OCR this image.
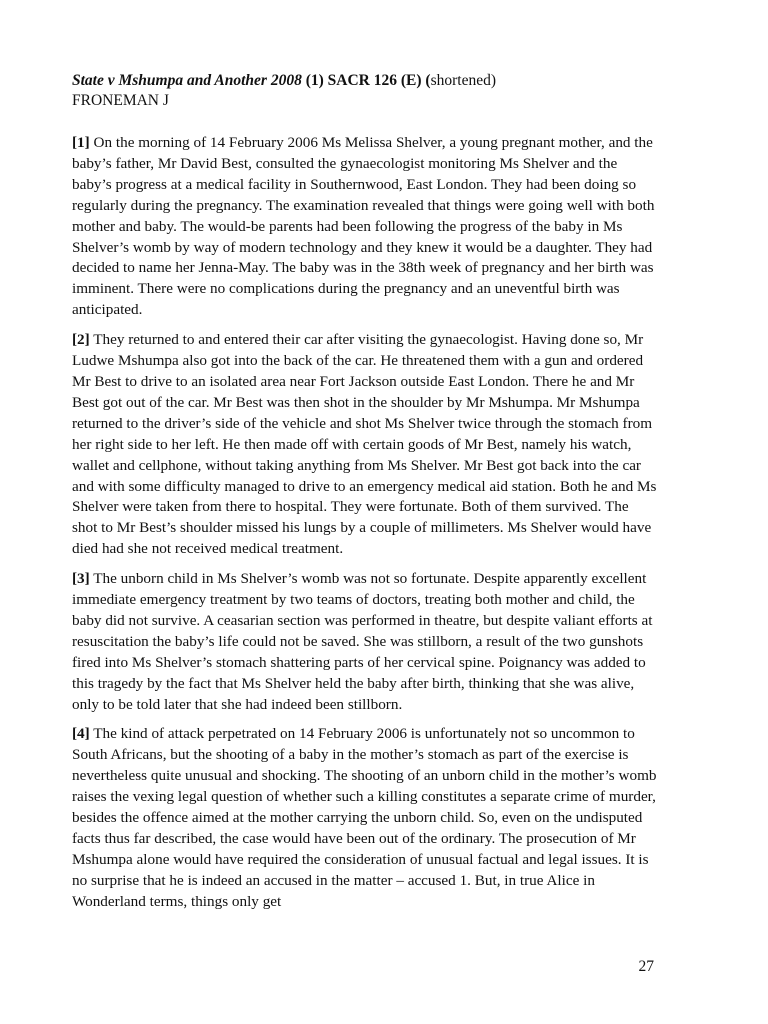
State v Mshumpa and Another 2008 (1) SACR 126 (E) (shortened)

FRONEMAN J

[1] On the morning of 14 February 2006 Ms Melissa Shelver, a young pregnant mother, and the baby’s father, Mr David Best, consulted the gynaecologist monitoring Ms Shelver and the baby’s progress at a medical facility in Southernwood, East London. They had been doing so regularly during the pregnancy. The examination revealed that things were going well with both mother and baby. The would-be parents had been following the progress of the baby in Ms Shelver’s womb by way of modern technology and they knew it would be a daughter. They had decided to name her Jenna-May. The baby was in the 38th week of pregnancy and her birth was imminent. There were no complications during the pregnancy and an uneventful birth was anticipated.

[2] They returned to and entered their car after visiting the gynaecologist. Having done so, Mr Ludwe Mshumpa also got into the back of the car. He threatened them with a gun and ordered Mr Best to drive to an isolated area near Fort Jackson outside East London. There he and Mr Best got out of the car. Mr Best was then shot in the shoulder by Mr Mshumpa. Mr Mshumpa returned to the driver’s side of the vehicle and shot Ms Shelver twice through the stomach from her right side to her left. He then made off with certain goods of Mr Best, namely his watch, wallet and cellphone, without taking anything from Ms Shelver. Mr Best got back into the car and with some difficulty managed to drive to an emergency medical aid station. Both he and Ms Shelver were taken from there to hospital. They were fortunate. Both of them survived. The shot to Mr Best’s shoulder missed his lungs by a couple of millimeters. Ms Shelver would have died had she not received medical treatment.

[3] The unborn child in Ms Shelver’s womb was not so fortunate. Despite apparently excellent immediate emergency treatment by two teams of doctors, treating both mother and child, the baby did not survive. A ceasarian section was performed in theatre, but despite valiant efforts at resuscitation the baby’s life could not be saved. She was stillborn, a result of the two gunshots fired into Ms Shelver’s stomach shattering parts of her cervical spine. Poignancy was added to this tragedy by the fact that Ms Shelver held the baby after birth, thinking that she was alive, only to be told later that she had indeed been stillborn.

[4] The kind of attack perpetrated on 14 February 2006 is unfortunately not so uncommon to South Africans, but the shooting of a baby in the mother’s stomach as part of the exercise is nevertheless quite unusual and shocking. The shooting of an unborn child in the mother’s womb raises the vexing legal question of whether such a killing constitutes a separate crime of murder, besides the offence aimed at the mother carrying the unborn child. So, even on the undisputed facts thus far described, the case would have been out of the ordinary. The prosecution of Mr Mshumpa alone would have required the consideration of unusual factual and legal issues. It is no surprise that he is indeed an accused in the matter – accused 1. But, in true Alice in Wonderland terms, things only get

27
